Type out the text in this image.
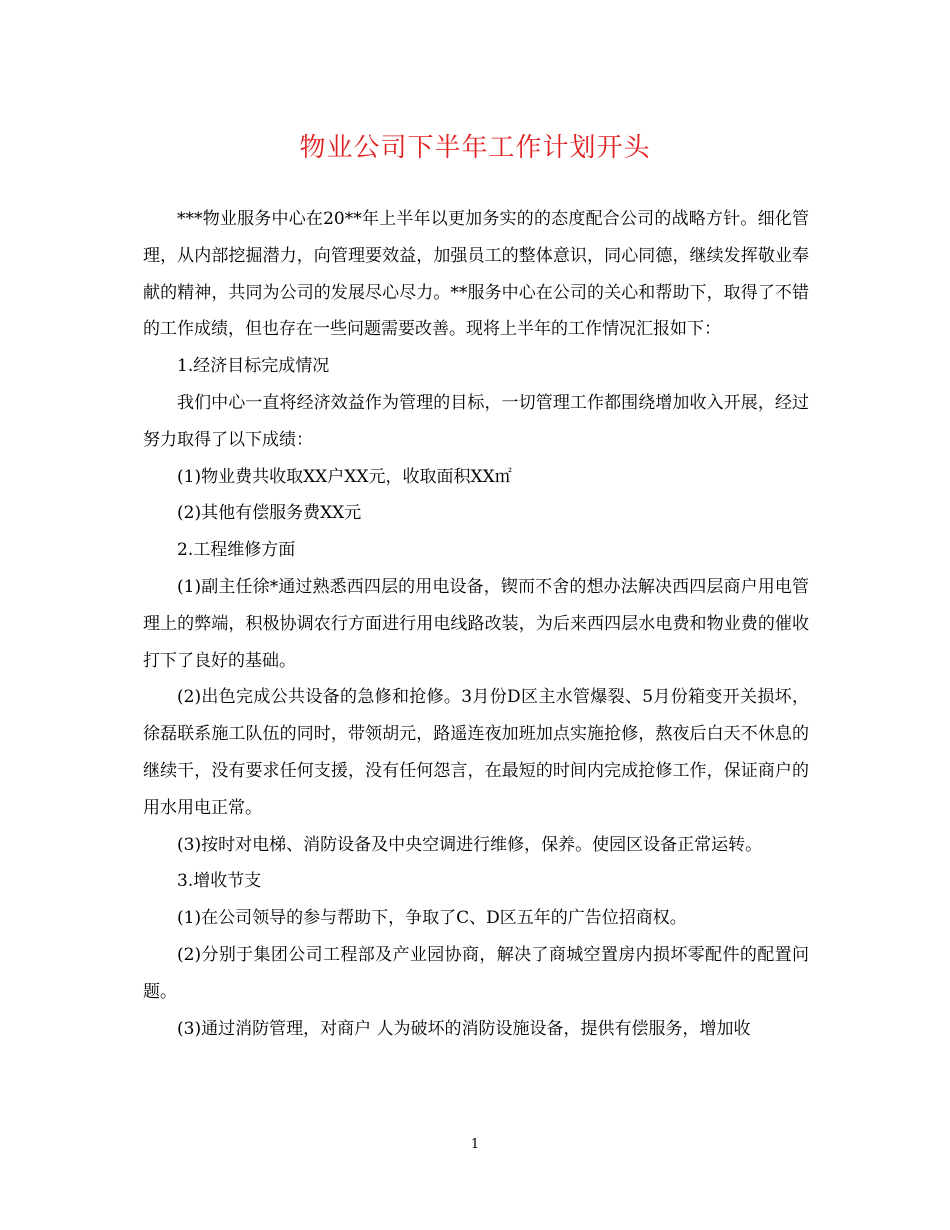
物业公司下半年工作计划开头

***物业服务中心在20**年上半年以更加务实的的态度配合公司的战略方针。细化管理，从内部挖掘潜力，向管理要效益，加强员工的整体意识，同心同德，继续发挥敬业奉献的精神，共同为公司的发展尽心尽力。**服务中心在公司的关心和帮助下，取得了不错的工作成绩，但也存在一些问题需要改善。现将上半年的工作情况汇报如下：

1.经济目标完成情况

我们中心一直将经济效益作为管理的目标，一切管理工作都围绕增加收入开展，经过努力取得了以下成绩：

(1)物业费共收取XX户XX元，收取面积XX㎡

(2)其他有偿服务费XX元

2.工程维修方面

(1)副主任徐*通过熟悉西四层的用电设备，锲而不舍的想办法解决西四层商户用电管理上的弊端，积极协调农行方面进行用电线路改装，为后来西四层水电费和物业费的催收打下了良好的基础。

(2)出色完成公共设备的急修和抢修。3月份D区主水管爆裂、5月份箱变开关损坏，徐磊联系施工队伍的同时，带领胡元，路遥连夜加班加点实施抢修，熬夜后白天不休息的继续干，没有要求任何支援，没有任何怨言，在最短的时间内完成抢修工作，保证商户的用水用电正常。

(3)按时对电梯、消防设备及中央空调进行维修，保养。使园区设备正常运转。

3.增收节支

(1)在公司领导的参与帮助下，争取了C、D区五年的广告位招商权。

(2)分别于集团公司工程部及产业园协商，解决了商城空置房内损坏零配件的配置问题。

(3)通过消防管理，对商户 人为破坏的消防设施设备，提供有偿服务，增加收

1
